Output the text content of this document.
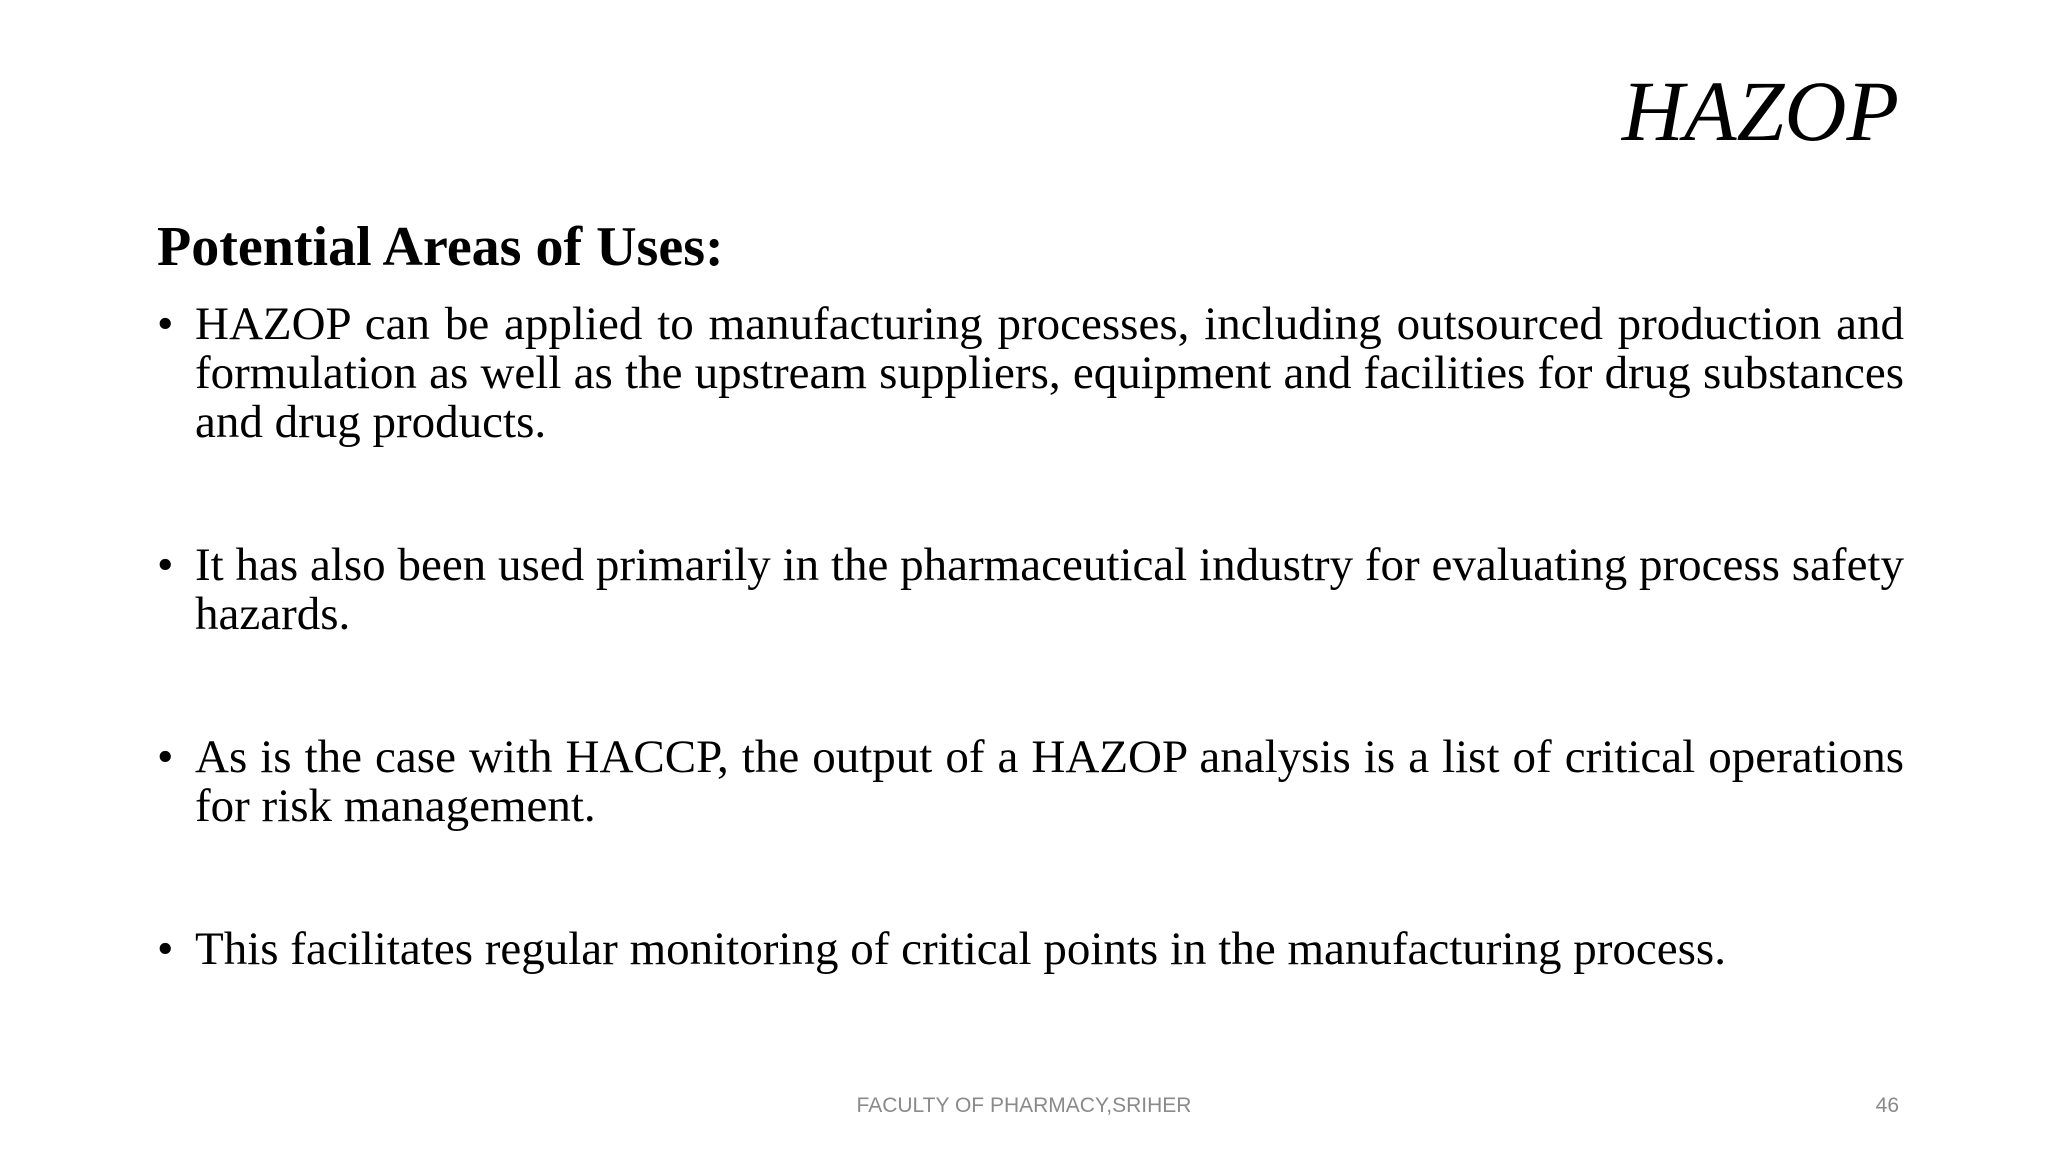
HAZOP
Potential Areas of Uses:
• HAZOP can be applied to manufacturing processes, including outsourced production and formulation as well as the upstream suppliers, equipment and facilities for drug substances and drug products.
• It has also been used primarily in the pharmaceutical industry for evaluating process safety hazards.
• As is the case with HACCP, the output of a HAZOP analysis is a list of critical operations for risk management.
• This facilitates regular monitoring of critical points in the manufacturing process.
FACULTY OF PHARMACY,SRIHER	46
